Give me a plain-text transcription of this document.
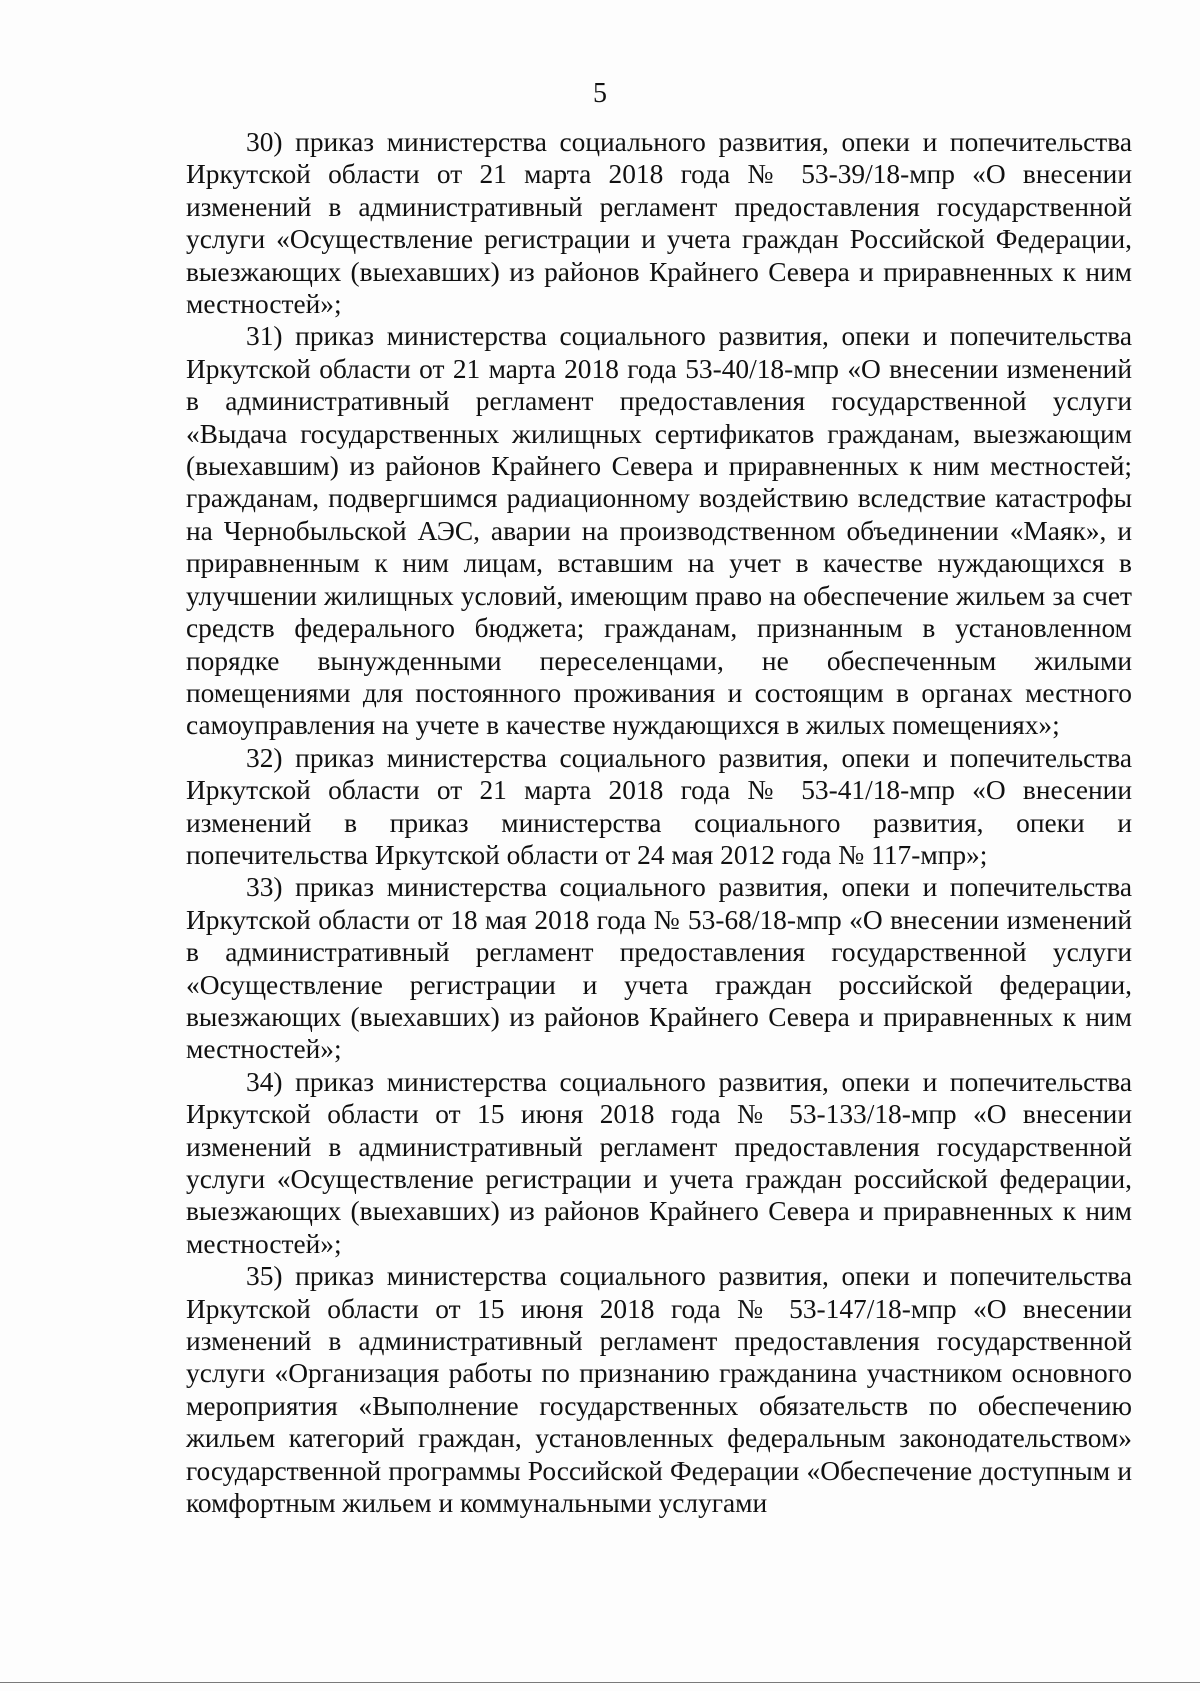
5

30) приказ министерства социального развития, опеки и попечительства Иркутской области от 21 марта 2018 года № 53-39/18-мпр «О внесении изменений в административный регламент предоставления государственной услуги «Осуществление регистрации и учета граждан Российской Федерации, выезжающих (выехавших) из районов Крайнего Севера и приравненных к ним местностей»;

31) приказ министерства социального развития, опеки и попечительства Иркутской области от 21 марта 2018 года 53-40/18-мпр «О внесении изменений в административный регламент предоставления государственной услуги «Выдача государственных жилищных сертификатов гражданам, выезжающим (выехавшим) из районов Крайнего Севера и приравненных к ним местностей; гражданам, подвергшимся радиационному воздействию вследствие катастрофы на Чернобыльской АЭС, аварии на производственном объединении «Маяк», и приравненным к ним лицам, вставшим на учет в качестве нуждающихся в улучшении жилищных условий, имеющим право на обеспечение жильем за счет средств федерального бюджета; гражданам, признанным в установленном порядке вынужденными переселенцами, не обеспеченным жилыми помещениями для постоянного проживания и состоящим в органах местного самоуправления на учете в качестве нуждающихся в жилых помещениях»;

32) приказ министерства социального развития, опеки и попечительства Иркутской области от 21 марта 2018 года № 53-41/18-мпр «О внесении изменений в приказ министерства социального развития, опеки и попечительства Иркутской области от 24 мая 2012 года № 117-мпр»;

33) приказ министерства социального развития, опеки и попечительства Иркутской области от 18 мая 2018 года № 53-68/18-мпр «О внесении изменений в административный регламент предоставления государственной услуги «Осуществление регистрации и учета граждан российской федерации, выезжающих (выехавших) из районов Крайнего Севера и приравненных к ним местностей»;

34) приказ министерства социального развития, опеки и попечительства Иркутской области от 15 июня 2018 года № 53-133/18-мпр «О внесении изменений в административный регламент предоставления государственной услуги «Осуществление регистрации и учета граждан российской федерации, выезжающих (выехавших) из районов Крайнего Севера и приравненных к ним местностей»;

35) приказ министерства социального развития, опеки и попечительства Иркутской области от 15 июня 2018 года № 53-147/18-мпр «О внесении изменений в административный регламент предоставления государственной услуги «Организация работы по признанию гражданина участником основного мероприятия «Выполнение государственных обязательств по обеспечению жильем категорий граждан, установленных федеральным законодательством» государственной программы Российской Федерации «Обеспечение доступным и комфортным жильем и коммунальными услугами
